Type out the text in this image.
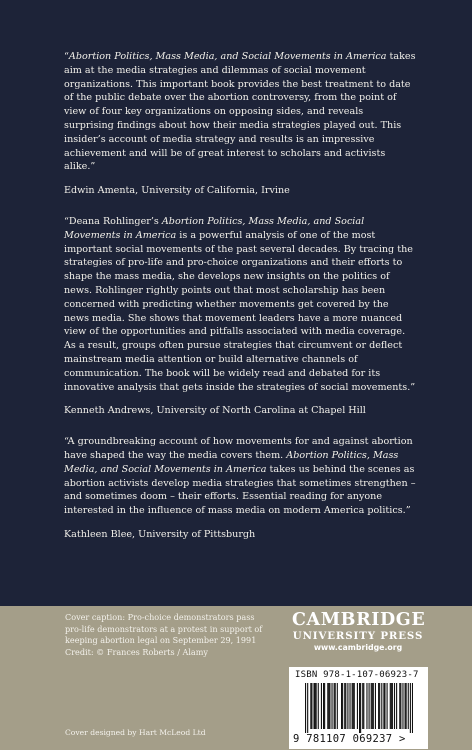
“Abortion Politics, Mass Media, and Social Movements in America takes aim at the media strategies and dilemmas of social movement organizations. This important book provides the best treatment to date of the public debate over the abortion controversy, from the point of view of four key organizations on opposing sides, and reveals surprising findings about how their media strategies played out. This insider’s account of media strategy and results is an impressive achievement and will be of great interest to scholars and activists alike.”

Edwin Amenta, University of California, Irvine

“Deana Rohlinger’s Abortion Politics, Mass Media, and Social Movements in America is a powerful analysis of one of the most important social movements of the past several decades. By tracing the strategies of pro-life and pro-choice organizations and their efforts to shape the mass media, she develops new insights on the politics of news. Rohlinger rightly points out that most scholarship has been concerned with predicting whether movements get covered by the news media. She shows that movement leaders have a more nuanced view of the opportunities and pitfalls associated with media coverage. As a result, groups often pursue strategies that circumvent or deflect mainstream media attention or build alternative channels of communication. The book will be widely read and debated for its innovative analysis that gets inside the strategies of social movements.”

Kenneth Andrews, University of North Carolina at Chapel Hill

“A groundbreaking account of how movements for and against abortion have shaped the way the media covers them. Abortion Politics, Mass Media, and Social Movements in America takes us behind the scenes as abortion activists develop media strategies that sometimes strengthen – and sometimes doom – their efforts. Essential reading for anyone interested in the influence of mass media on modern America politics.”

Kathleen Blee, University of Pittsburgh

Cover caption: Pro-choice demonstrators pass
pro-life demonstrators at a protest in support of
keeping abortion legal on September 29, 1991
Credit: © Frances Roberts / Alamy
Cover designed by Hart McLeod Ltd
CAMBRIDGE
UNIVERSITY PRESS
www.cambridge.org
ISBN 978-1-107-06923-7
9 781107 069237 >
